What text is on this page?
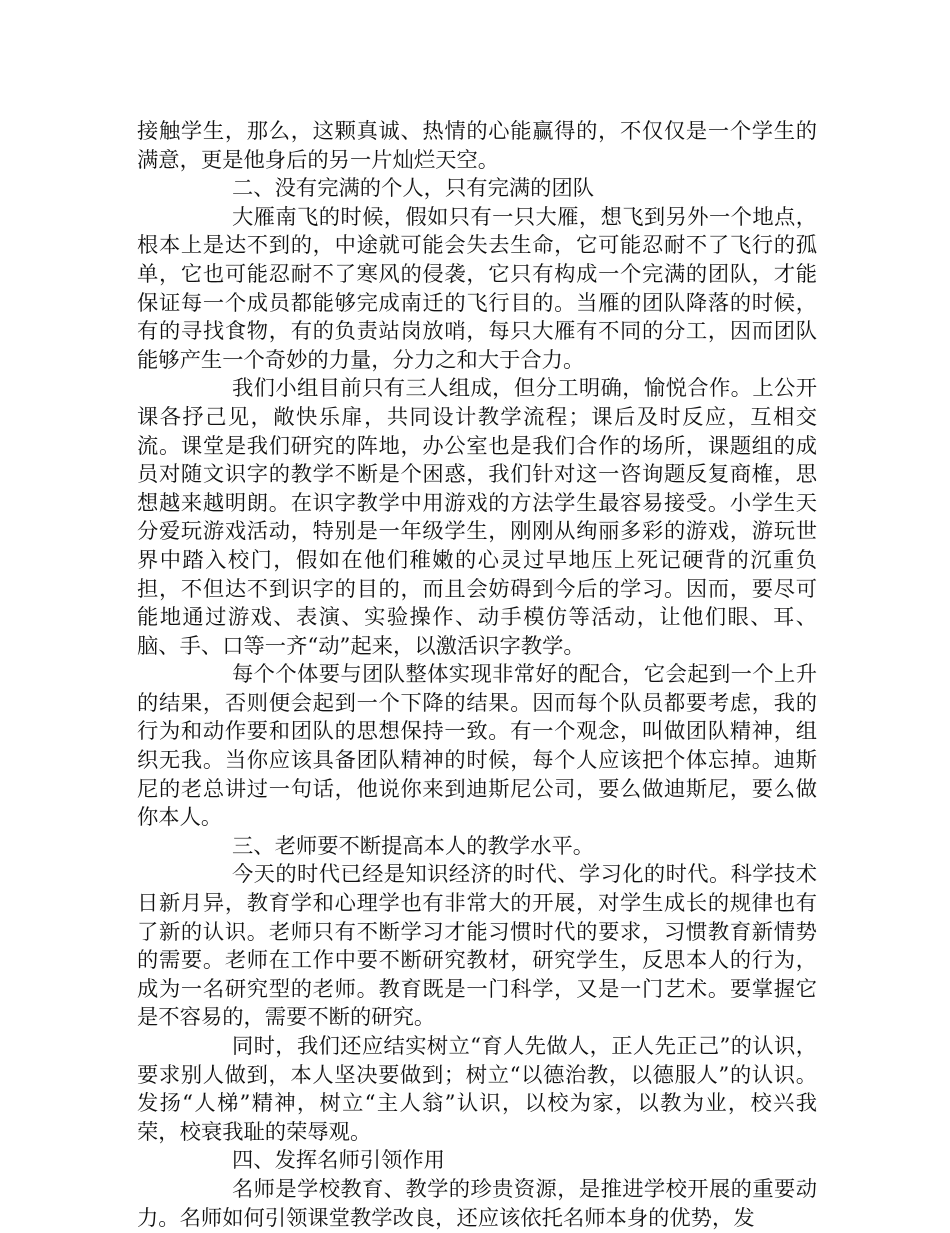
接触学生，那么，这颗真诚、热情的心能赢得的，不仅仅是一个学生的满意，更是他身后的另一片灿烂天空。

二、没有完满的个人，只有完满的团队

大雁南飞的时候，假如只有一只大雁，想飞到另外一个地点，根本上是达不到的，中途就可能会失去生命，它可能忍耐不了飞行的孤单，它也可能忍耐不了寒风的侵袭，它只有构成一个完满的团队，才能保证每一个成员都能够完成南迁的飞行目的。当雁的团队降落的时候，有的寻找食物，有的负责站岗放哨，每只大雁有不同的分工，因而团队能够产生一个奇妙的力量，分力之和大于合力。

我们小组目前只有三人组成，但分工明确，愉悦合作。上公开课各抒己见，敞快乐扉，共同设计教学流程；课后及时反应，互相交流。课堂是我们研究的阵地，办公室也是我们合作的场所，课题组的成员对随文识字的教学不断是个困惑，我们针对这一咨询题反复商榷，思想越来越明朗。在识字教学中用游戏的方法学生最容易接受。小学生天分爱玩游戏活动，特别是一年级学生，刚刚从绚丽多彩的游戏，游玩世界中踏入校门，假如在他们稚嫩的心灵过早地压上死记硬背的沉重负担，不但达不到识字的目的，而且会妨碍到今后的学习。因而，要尽可能地通过游戏、表演、实验操作、动手模仿等活动，让他们眼、耳、脑、手、口等一齐“动”起来，以激活识字教学。

每个个体要与团队整体实现非常好的配合，它会起到一个上升的结果，否则便会起到一个下降的结果。因而每个队员都要考虑，我的行为和动作要和团队的思想保持一致。有一个观念，叫做团队精神，组织无我。当你应该具备团队精神的时候，每个人应该把个体忘掉。迪斯尼的老总讲过一句话，他说你来到迪斯尼公司，要么做迪斯尼，要么做你本人。

三、老师要不断提高本人的教学水平。

今天的时代已经是知识经济的时代、学习化的时代。科学技术日新月异，教育学和心理学也有非常大的开展，对学生成长的规律也有了新的认识。老师只有不断学习才能习惯时代的要求，习惯教育新情势的需要。老师在工作中要不断研究教材，研究学生，反思本人的行为，成为一名研究型的老师。教育既是一门科学，又是一门艺术。要掌握它是不容易的，需要不断的研究。

同时，我们还应结实树立“育人先做人，正人先正己”的认识，要求别人做到，本人坚决要做到；树立“以德治教，以德服人”的认识。发扬“人梯”精神，树立“主人翁”认识，以校为家，以教为业，校兴我荣，校衰我耻的荣辱观。

四、发挥名师引领作用

名师是学校教育、教学的珍贵资源，是推进学校开展的重要动力。名师如何引领课堂教学改良，还应该依托名师本身的优势，发
